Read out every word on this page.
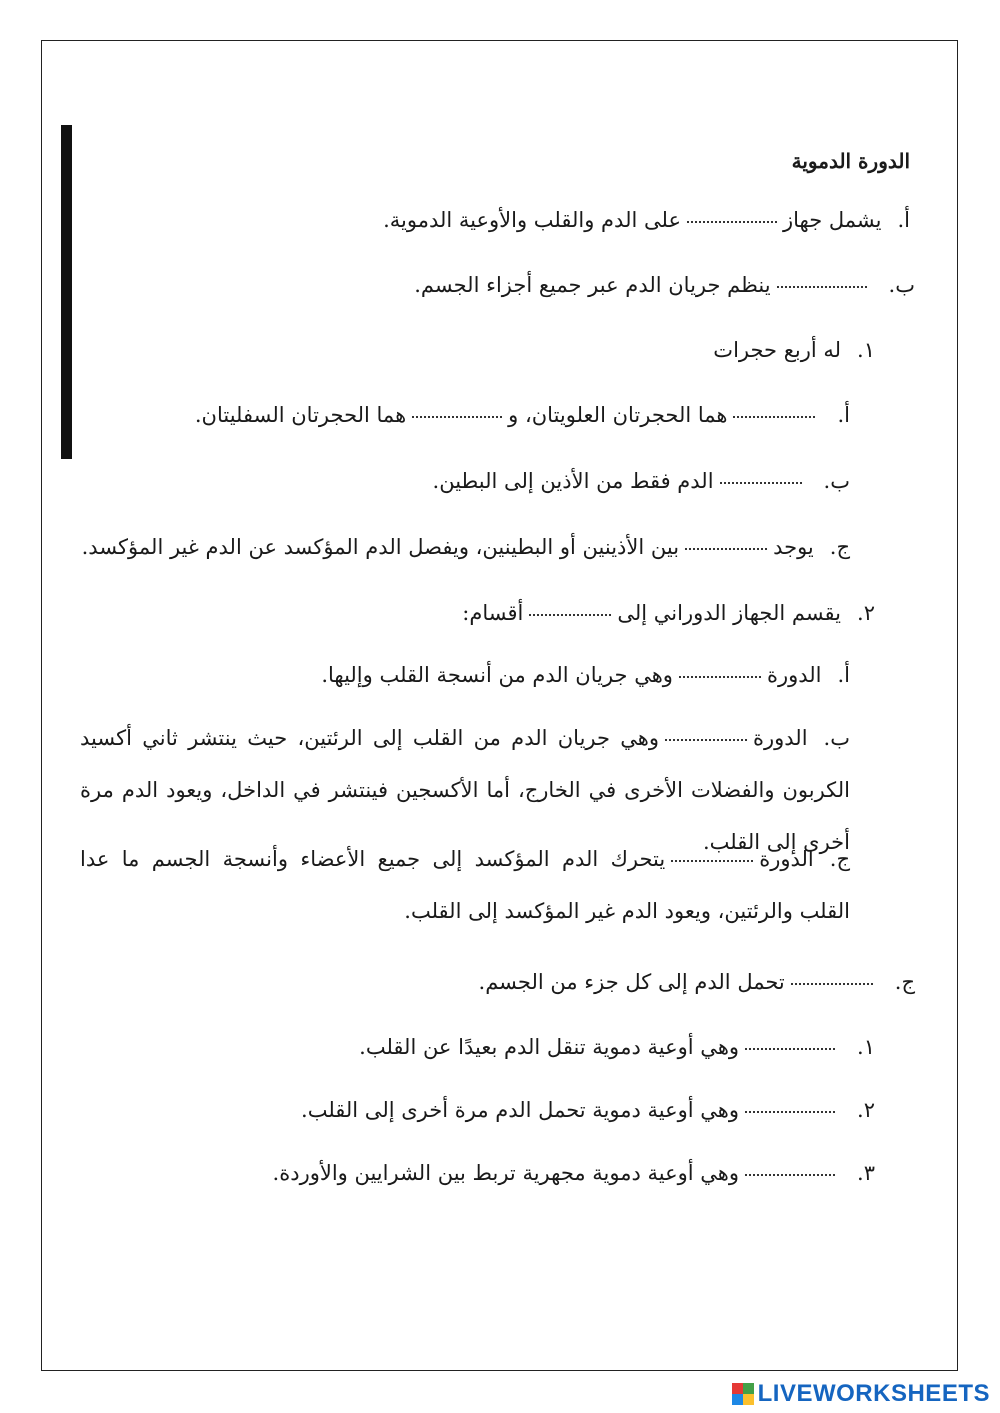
الدورة الدموية
أ.يشمل جهازعلى الدم والقلب والأوعية الدموية.
ب.ينظم جريان الدم عبر جميع أجزاء الجسم.
١.له أربع حجرات
أ.هما الحجرتان العلويتان، وهما الحجرتان السفليتان.
ب.الدم فقط من الأذين إلى البطين.
ج.يوجدبين الأذينين أو البطينين، ويفصل الدم المؤكسد عن الدم غير المؤكسد.
٢.يقسم الجهاز الدوراني إلىأقسام:
أ.الدورةوهي جريان الدم من أنسجة القلب وإليها.
ب.الدورةوهي جريان الدم من القلب إلى الرئتين، حيث ينتشر ثاني أكسيد الكربون والفضلات الأخرى في الخارج، أما الأكسجين فينتشر في الداخل، ويعود الدم مرة أخرى إلى القلب.
ج.الدورةيتحرك الدم المؤكسد إلى جميع الأعضاء وأنسجة الجسم ما عدا القلب والرئتين، ويعود الدم غير المؤكسد إلى القلب.
ج.تحمل الدم إلى كل جزء من الجسم.
١.وهي أوعية دموية تنقل الدم بعيدًا عن القلب.
٢.وهي أوعية دموية تحمل الدم مرة أخرى إلى القلب.
٣.وهي أوعية دموية مجهرية تربط بين الشرايين والأوردة.
LIVEWORKSHEETS
